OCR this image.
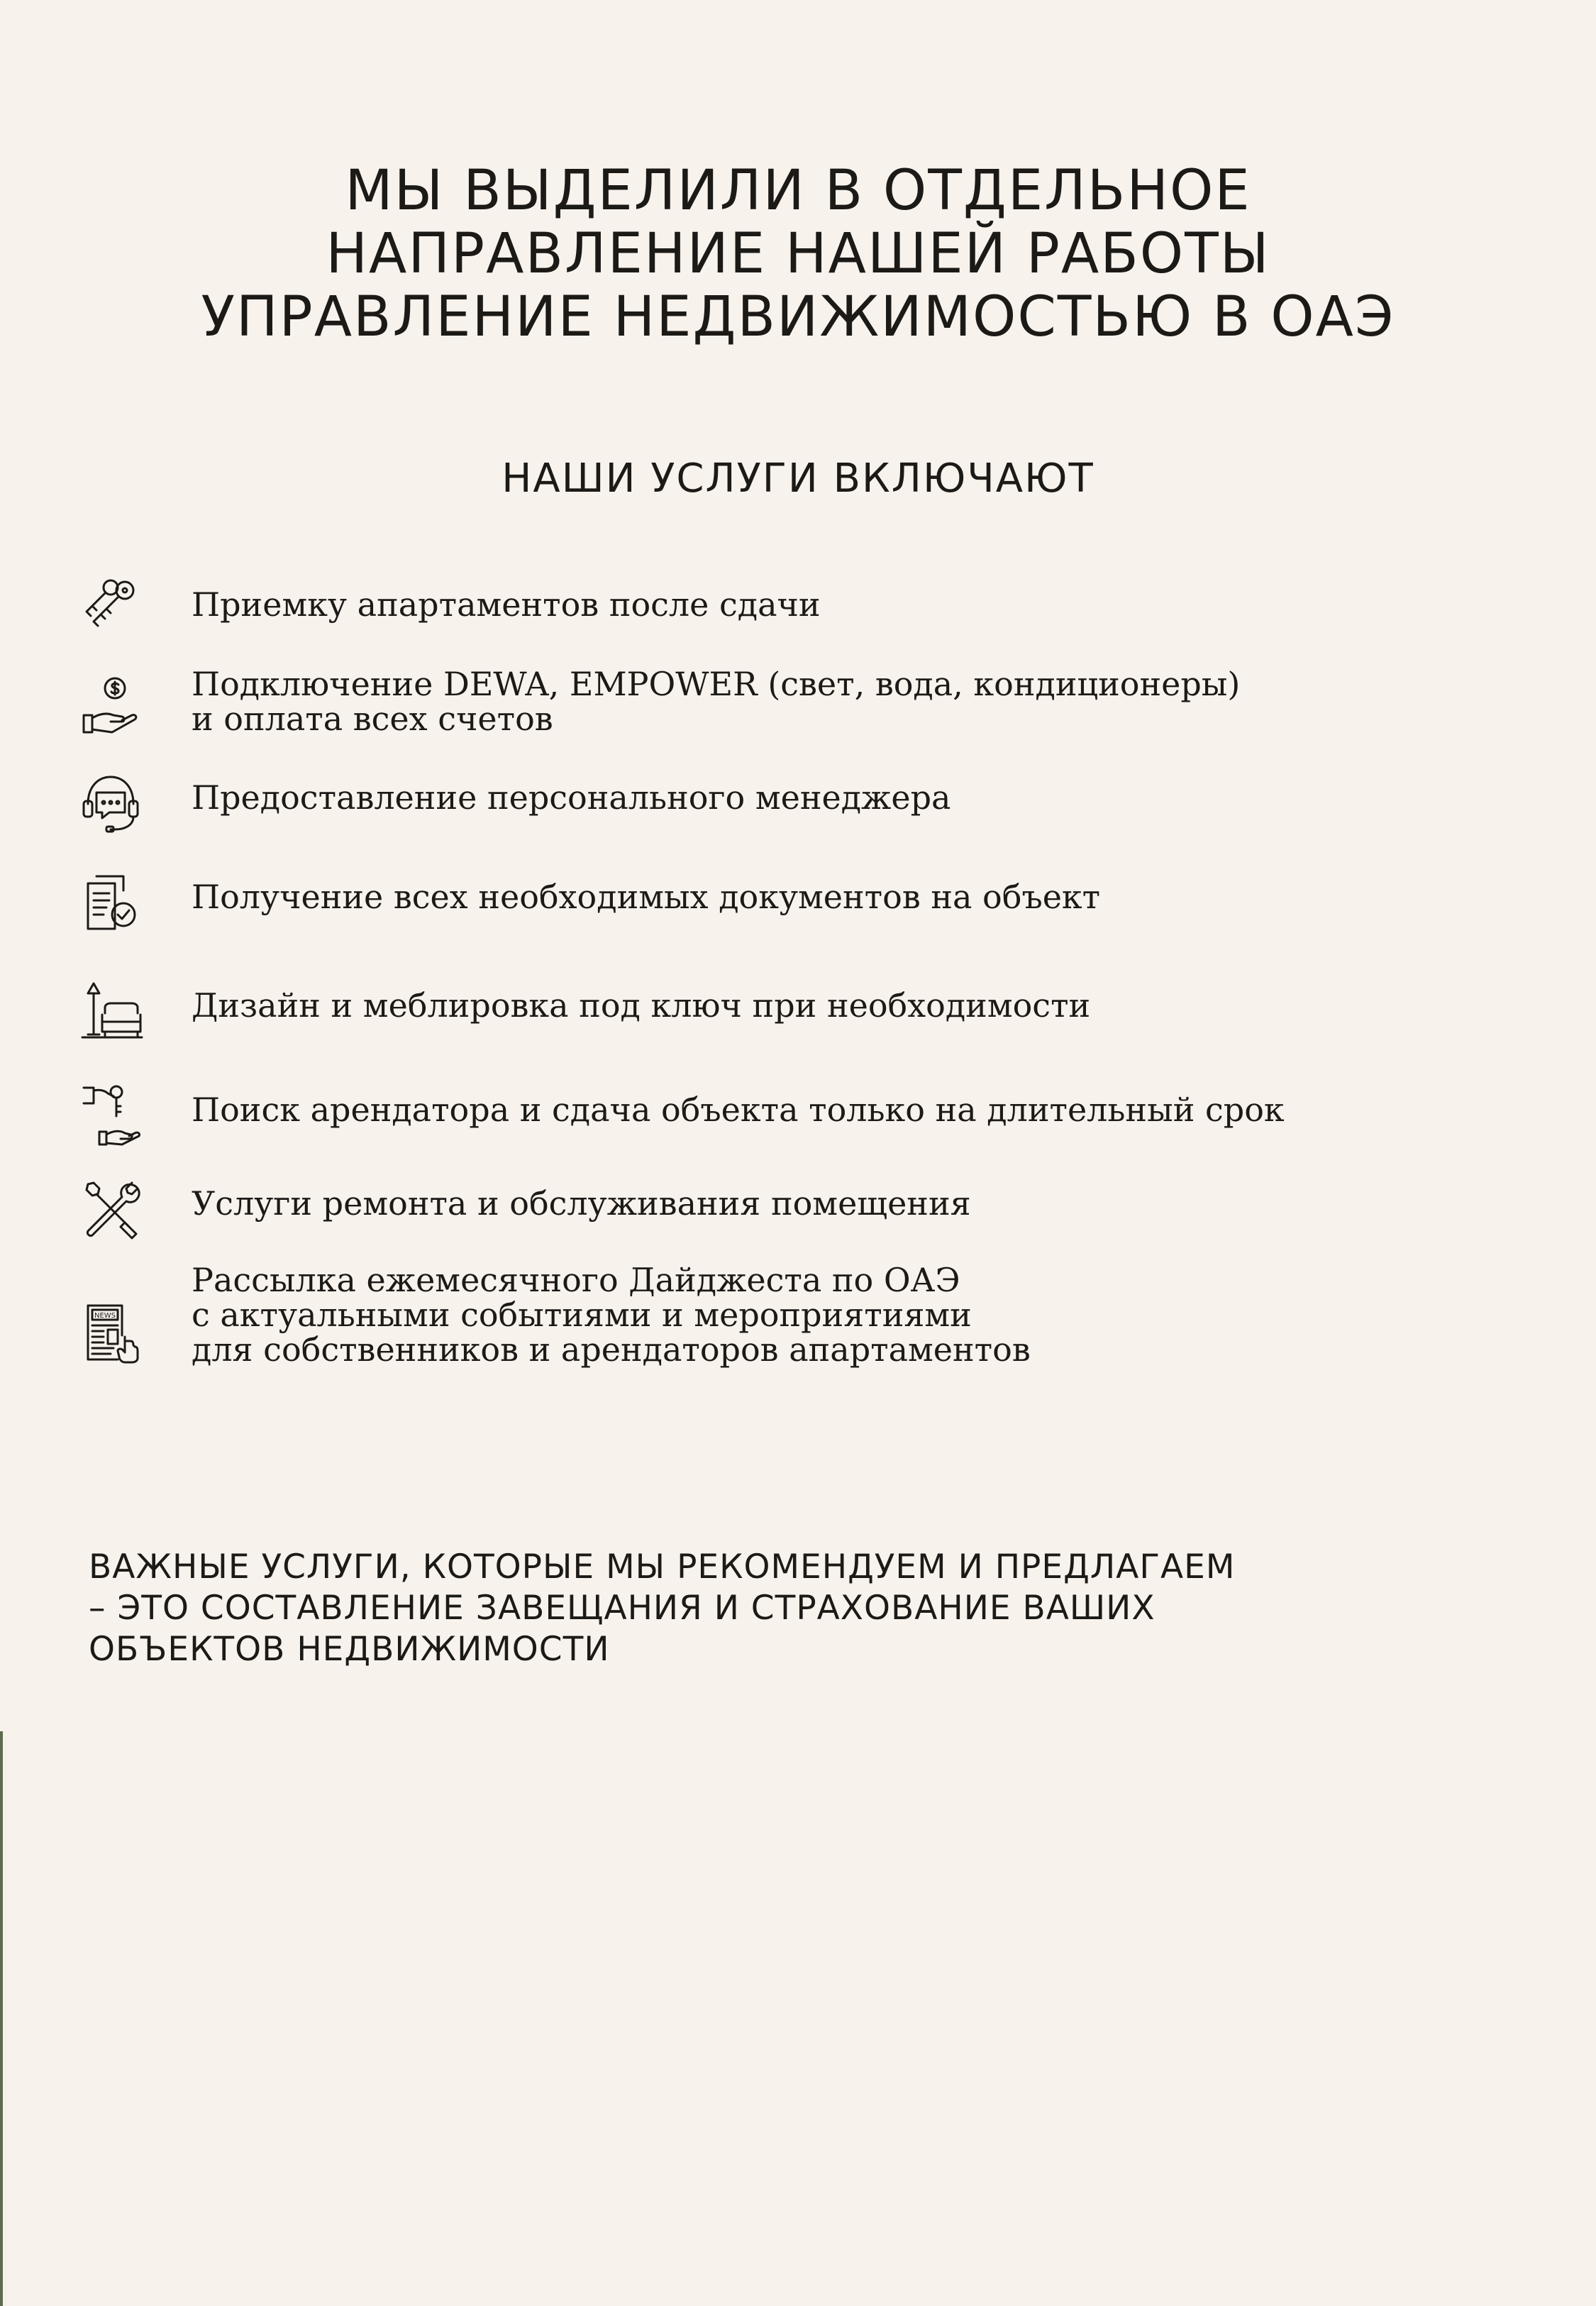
МЫ ВЫДЕЛИЛИ В ОТДЕЛЬНОЕ
НАПРАВЛЕНИЕ НАШЕЙ РАБОТЫ
УПРАВЛЕНИЕ НЕДВИЖИМОСТЬЮ В ОАЭ
НАШИ УСЛУГИ ВКЛЮЧАЮТ
Приемку апартаментов после сдачи
Подключение DEWA, EMPOWER (свет, вода, кондиционеры)
и оплата всех счетов
Предоставление персонального менеджера
Получение всех необходимых документов на объект
Дизайн и меблировка под ключ при необходимости
Поиск арендатора и сдача объекта только на длительный срок
Услуги ремонта и обслуживания помещения
NEWS
Рассылка ежемесячного Дайджеста по ОАЭ
с актуальными событиями и мероприятиями
для собственников и арендаторов апартаментов
ВАЖНЫЕ УСЛУГИ, КОТОРЫЕ МЫ РЕКОМЕНДУЕМ И ПРЕДЛАГАЕМ
– ЭТО СОСТАВЛЕНИЕ ЗАВЕЩАНИЯ И СТРАХОВАНИЕ ВАШИХ
ОБЪЕКТОВ НЕДВИЖИМОСТИ
